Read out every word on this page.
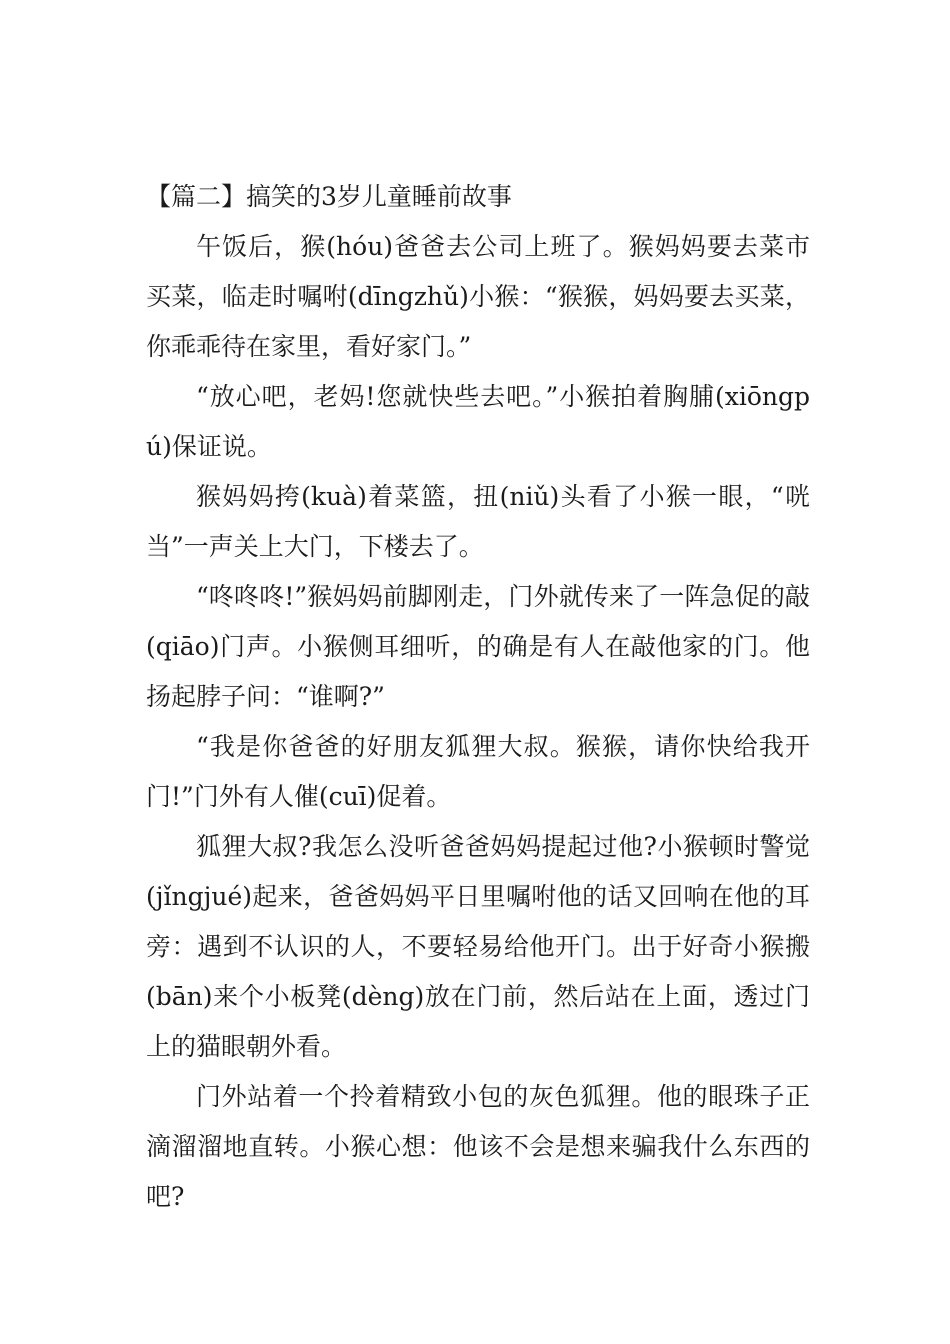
【篇二】搞笑的3岁儿童睡前故事

午饭后，猴(hóu)爸爸去公司上班了。猴妈妈要去菜市买菜，临走时嘱咐(dīngzhǔ)小猴：“猴猴，妈妈要去买菜，你乖乖待在家里，看好家门。”

“放心吧，老妈!您就快些去吧。”小猴拍着胸脯(xiōngpú)保证说。

猴妈妈挎(kuà)着菜篮，扭(niǔ)头看了小猴一眼，“咣当”一声关上大门，下楼去了。

“咚咚咚!”猴妈妈前脚刚走，门外就传来了一阵急促的敲(qiāo)门声。小猴侧耳细听，的确是有人在敲他家的门。他扬起脖子问：“谁啊?”

“我是你爸爸的好朋友狐狸大叔。猴猴，请你快给我开门!”门外有人催(cuī)促着。

狐狸大叔?我怎么没听爸爸妈妈提起过他?小猴顿时警觉(jǐngjué)起来，爸爸妈妈平日里嘱咐他的话又回响在他的耳旁：遇到不认识的人，不要轻易给他开门。出于好奇小猴搬(bān)来个小板凳(dèng)放在门前，然后站在上面，透过门上的猫眼朝外看。

门外站着一个拎着精致小包的灰色狐狸。他的眼珠子正滴溜溜地直转。小猴心想：他该不会是想来骗我什么东西的吧?
